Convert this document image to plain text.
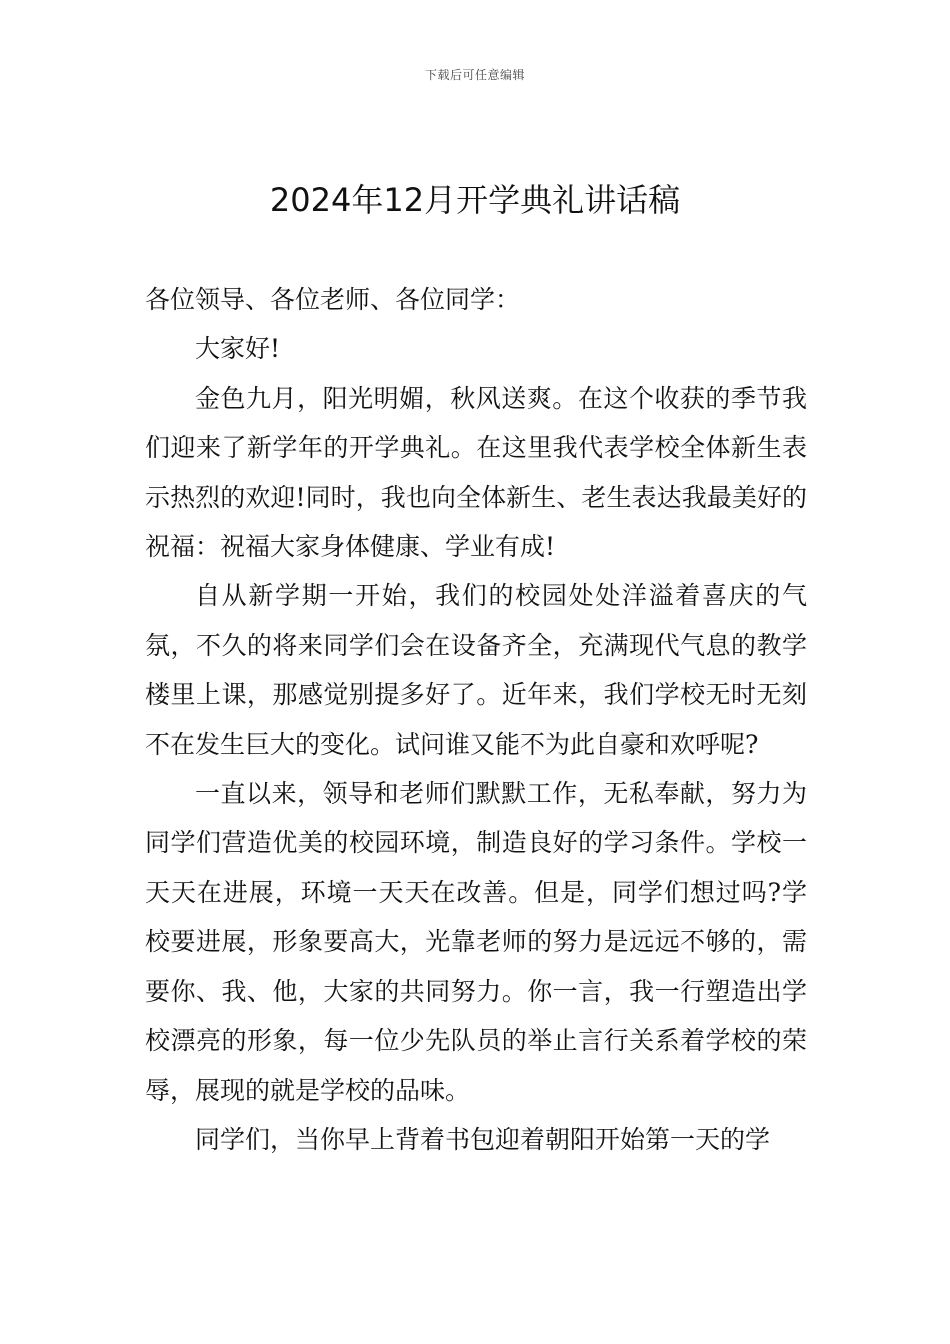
下载后可任意编辑
2024年12月开学典礼讲话稿

各位领导、各位老师、各位同学：

大家好!

金色九月，阳光明媚，秋风送爽。在这个收获的季节我们迎来了新学年的开学典礼。在这里我代表学校全体新生表示热烈的欢迎!同时，我也向全体新生、老生表达我最美好的祝福：祝福大家身体健康、学业有成!

自从新学期一开始，我们的校园处处洋溢着喜庆的气氛，不久的将来同学们会在设备齐全，充满现代气息的教学楼里上课，那感觉别提多好了。近年来，我们学校无时无刻不在发生巨大的变化。试问谁又能不为此自豪和欢呼呢?

一直以来，领导和老师们默默工作，无私奉献，努力为同学们营造优美的校园环境，制造良好的学习条件。学校一天天在进展，环境一天天在改善。但是，同学们想过吗?学校要进展，形象要高大，光靠老师的努力是远远不够的，需要你、我、他，大家的共同努力。你一言，我一行塑造出学校漂亮的形象，每一位少先队员的举止言行关系着学校的荣辱，展现的就是学校的品味。

同学们，当你早上背着书包迎着朝阳开始第一天的学
